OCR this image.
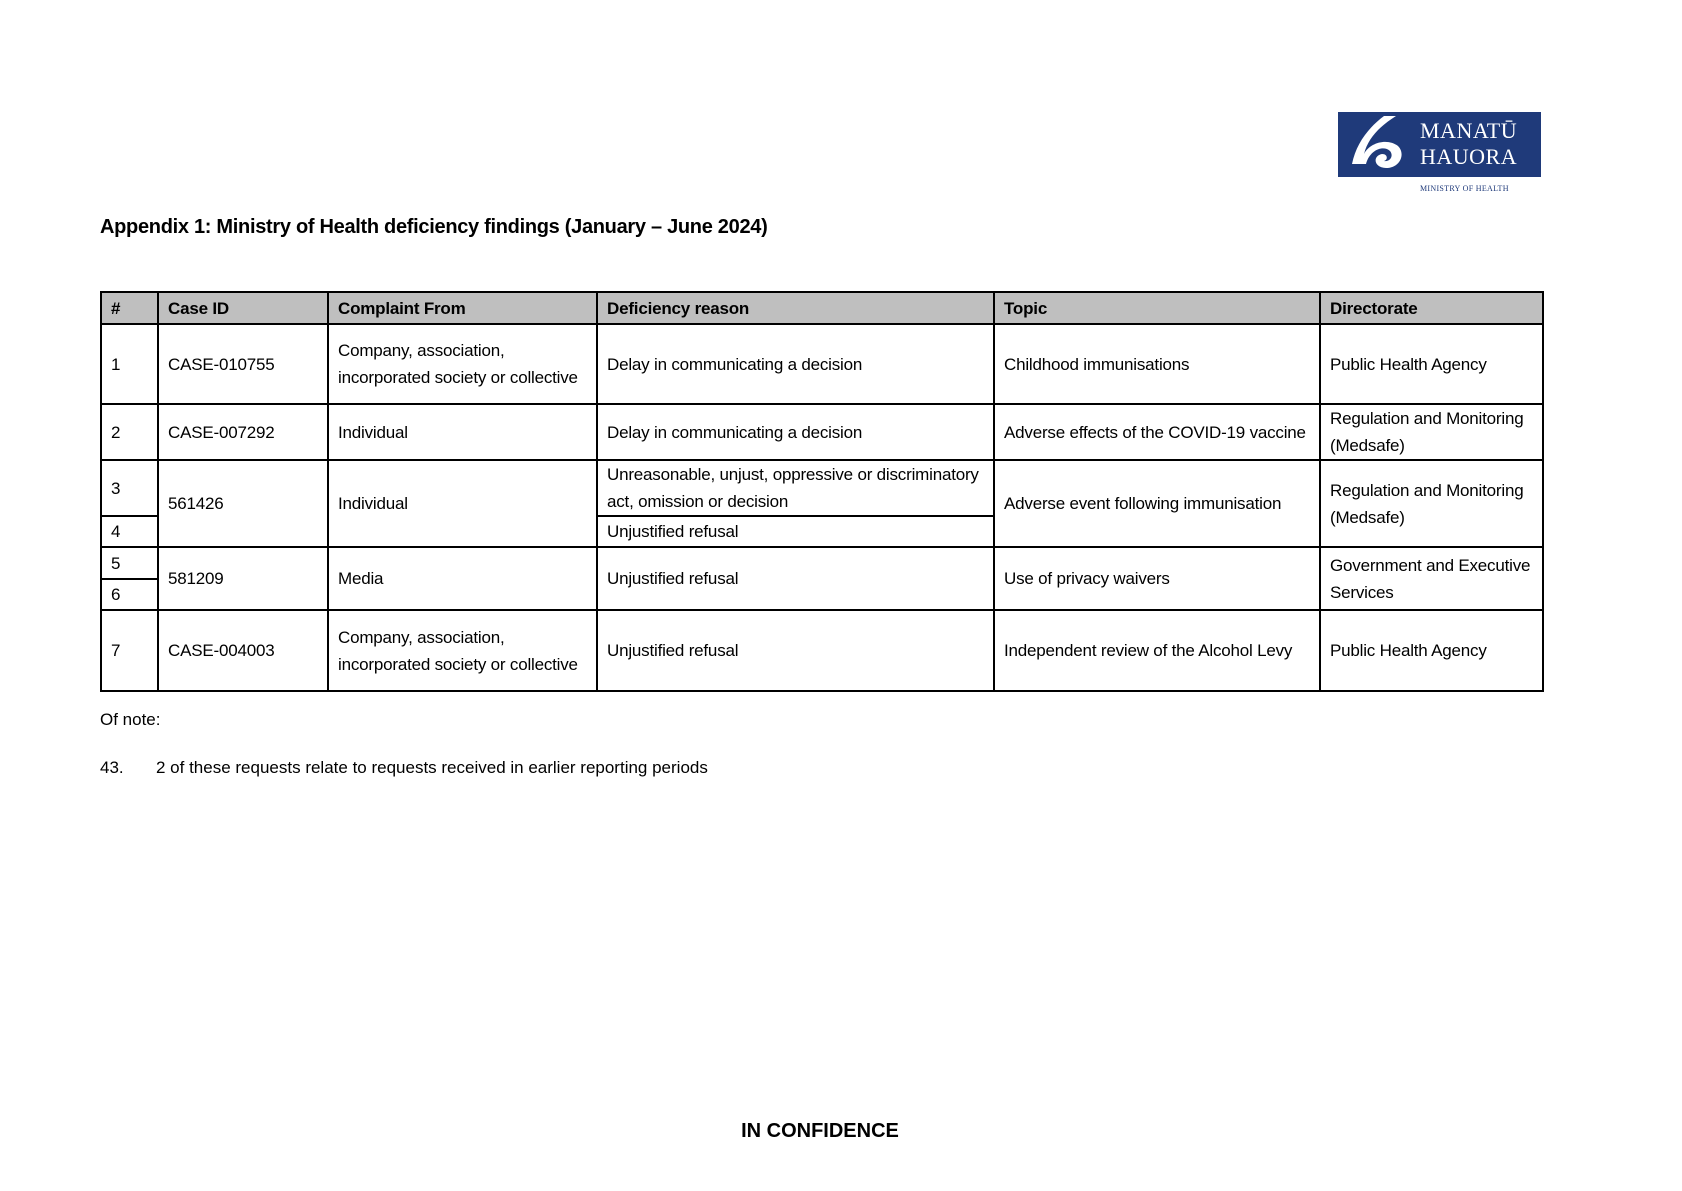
MANATŪ
HAUORA
MINISTRY OF HEALTH
Appendix 1: Ministry of Health deficiency findings (January – June 2024)
#	Case ID	Complaint From	Deficiency reason	Topic	Directorate
1	CASE-010755	Company, association, incorporated society or collective	Delay in communicating a decision	Childhood immunisations	Public Health Agency
2	CASE-007292	Individual	Delay in communicating a decision	Adverse effects of the COVID-19 vaccine	Regulation and Monitoring (Medsafe)
3	561426	Individual	Unreasonable, unjust, oppressive or discriminatory act, omission or decision	Adverse event following immunisation	Regulation and Monitoring (Medsafe)
4			Unjustified refusal		
5	581209	Media	Unjustified refusal	Use of privacy waivers	Government and Executive Services
6					
7	CASE-004003	Company, association, incorporated society or collective	Unjustified refusal	Independent review of the Alcohol Levy	Public Health Agency
Of note:
43. 2 of these requests relate to requests received in earlier reporting periods
IN CONFIDENCE
